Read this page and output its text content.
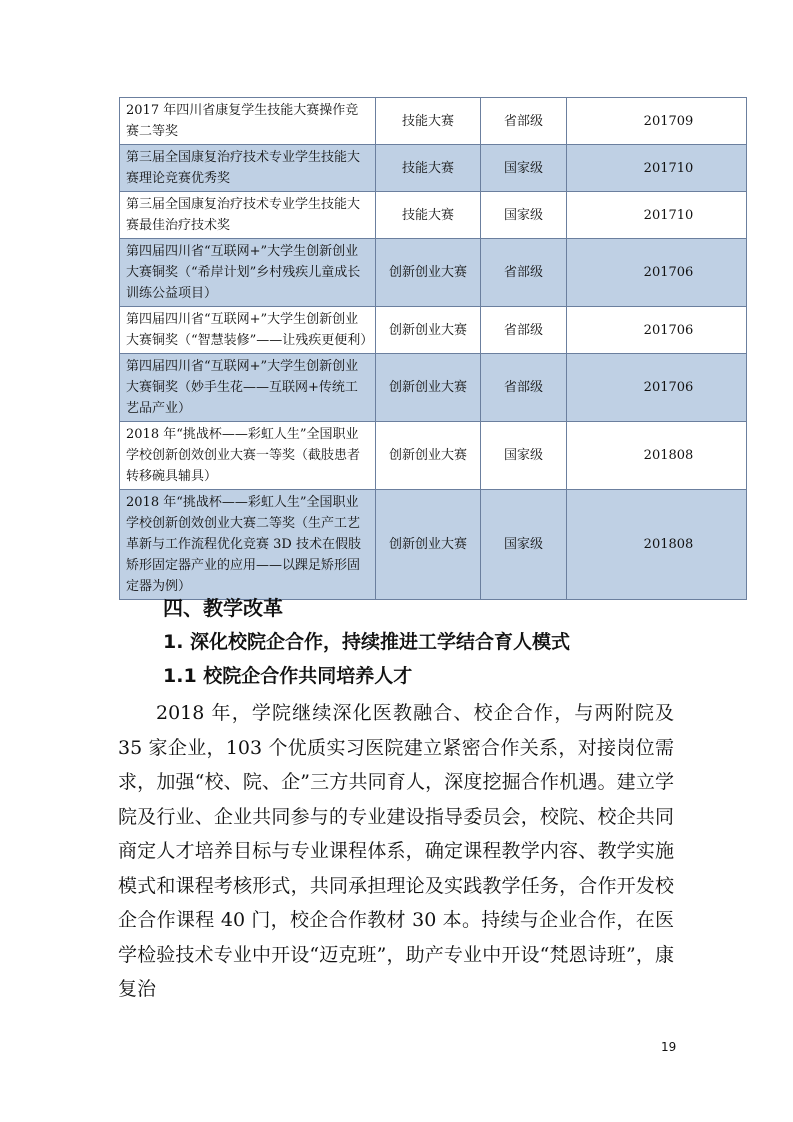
2017 年四川省康复学生技能大赛操作竞赛二等奖	技能大赛	省部级	201709
第三届全国康复治疗技术专业学生技能大赛理论竞赛优秀奖	技能大赛	国家级	201710
第三届全国康复治疗技术专业学生技能大赛最佳治疗技术奖	技能大赛	国家级	201710
第四届四川省“互联网+”大学生创新创业大赛铜奖（“希岸计划”乡村残疾儿童成长训练公益项目）	创新创业大赛	省部级	201706
第四届四川省“互联网+”大学生创新创业大赛铜奖（“智慧装修”——让残疾更便利）	创新创业大赛	省部级	201706
第四届四川省“互联网+”大学生创新创业大赛铜奖（妙手生花——互联网+传统工艺品产业）	创新创业大赛	省部级	201706
2018 年“挑战杯——彩虹人生”全国职业学校创新创效创业大赛一等奖（截肢患者转移碗具辅具）	创新创业大赛	国家级	201808
2018 年“挑战杯——彩虹人生”全国职业学校创新创效创业大赛二等奖（生产工艺革新与工作流程优化竞赛 3D 技术在假肢矫形固定器产业的应用——以踝足矫形固定器为例）	创新创业大赛	国家级	201808
四、教学改革
1. 深化校院企合作，持续推进工学结合育人模式
1.1 校院企合作共同培养人才

2018 年，学院继续深化医教融合、校企合作，与两附院及 35 家企业，103 个优质实习医院建立紧密合作关系，对接岗位需求，加强“校、院、企”三方共同育人，深度挖掘合作机遇。建立学院及行业、企业共同参与的专业建设指导委员会，校院、校企共同商定人才培养目标与专业课程体系，确定课程教学内容、教学实施模式和课程考核形式，共同承担理论及实践教学任务，合作开发校企合作课程 40 门，校企合作教材 30 本。持续与企业合作，在医学检验技术专业中开设“迈克班”，助产专业中开设“梵恩诗班”，康复治

19
